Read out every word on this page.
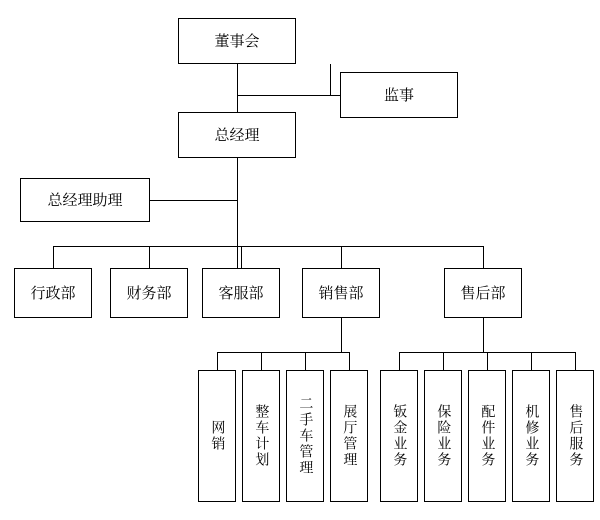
董事会
监事
总经理
总经理助理
行政部	财务部	客服部	销售部	售后部
网销	整车计划	二手车管理	展厅管理	钣金业务	保险业务	配件业务	机修业务	售后服务
